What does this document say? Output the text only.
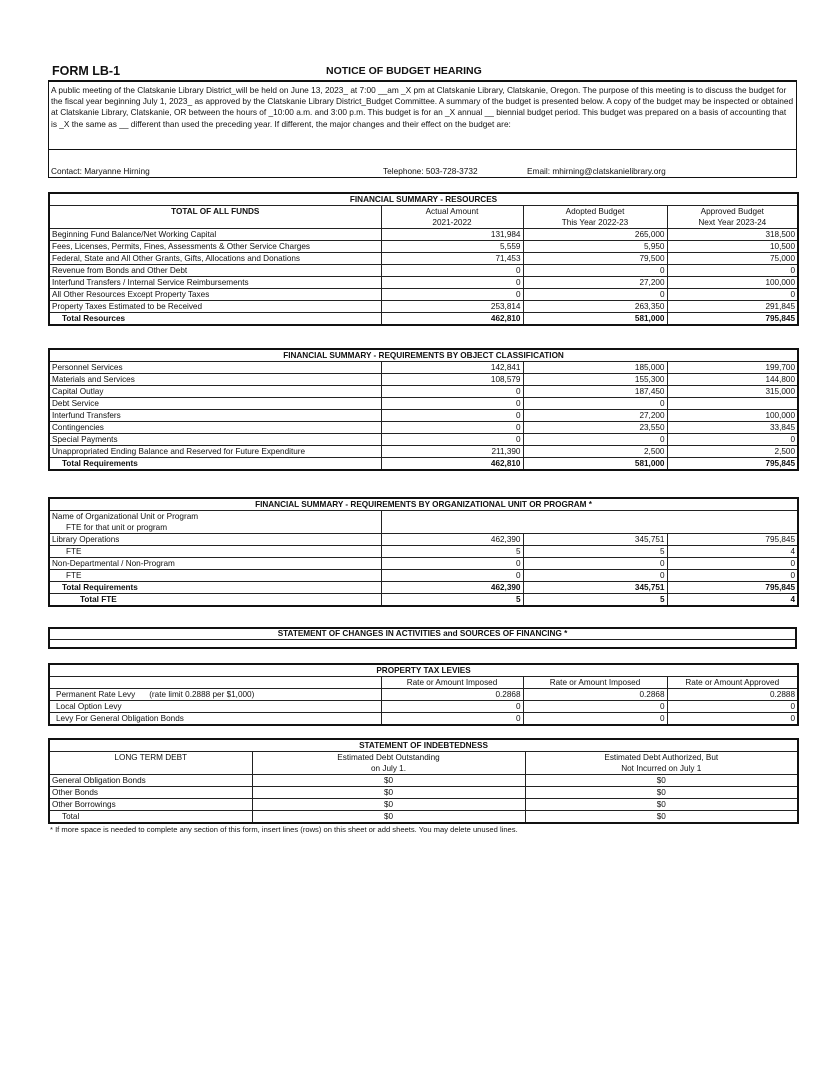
FORM LB-1	NOTICE OF BUDGET HEARING
A public meeting of the Clatskanie Library District_will be held on June 13, 2023_ at 7:00 __am _X pm at Clatskanie Library, Clatskanie, Oregon. The purpose of this meeting is to discuss the budget for the fiscal year beginning July 1, 2023_ as approved by the Clatskanie Library District_Budget Committee. A summary of the budget is presented below. A copy of the budget may be inspected or obtained at Clatskanie Library, Clatskanie, OR between the hours of _10:00 a.m. and 3:00 p.m. This budget is for an _X annual __ biennial budget period. This budget was prepared on a basis of accounting that is _X the same as __ different than used the preceding year. If different, the major changes and their effect on the budget are:
Contact: Maryanne Hirning	Telephone: 503-728-3732	Email: mhirning@clatskanielibrary.org
FINANCIAL SUMMARY - RESOURCES			
TOTAL OF ALL FUNDS	Actual Amount	Adopted Budget	Approved Budget
	2021-2022	This Year 2022-23	Next Year 2023-24
Beginning Fund Balance/Net Working Capital	131,984	265,000	318,500
Fees, Licenses, Permits, Fines, Assessments & Other Service Charges	5,559	5,950	10,500
Federal, State and All Other Grants, Gifts, Allocations and Donations	71,453	79,500	75,000
Revenue from Bonds and Other Debt	0	0	0
Interfund Transfers / Internal Service Reimbursements	0	27,200	100,000
All Other Resources Except Property Taxes	0	0	0
Property Taxes Estimated to be Received	253,814	263,350	291,845
Total Resources	462,810	581,000	795,845
FINANCIAL SUMMARY - REQUIREMENTS BY OBJECT CLASSIFICATION			
Personnel Services	142,841	185,000	199,700
Materials and Services	108,579	155,300	144,800
Capital Outlay	0	187,450	315,000
Debt Service	0	0	
Interfund Transfers	0	27,200	100,000
Contingencies	0	23,550	33,845
Special Payments	0	0	0
Unappropriated Ending Balance and Reserved for Future Expenditure	211,390	2,500	2,500
Total Requirements	462,810	581,000	795,845
FINANCIAL SUMMARY - REQUIREMENTS BY ORGANIZATIONAL UNIT OR PROGRAM *			
Name of Organizational Unit or Program			
FTE for that unit or program			
Library Operations	462,390	345,751	795,845
FTE	5	5	4
Non-Departmental / Non-Program	0	0	0
FTE	0	0	0
Total Requirements	462,390	345,751	795,845
Total FTE	5	5	4
STATEMENT OF CHANGES IN ACTIVITIES and SOURCES OF FINANCING *
PROPERTY TAX LEVIES			
	Rate or Amount Imposed	Rate or Amount Imposed	Rate or Amount Approved
Permanent Rate Levy (rate limit 0.2888 per $1,000)	0.2868	0.2868	0.2888
Local Option Levy	0	0	0
Levy For General Obligation Bonds	0	0	0
STATEMENT OF INDEBTEDNESS		
LONG TERM DEBT	Estimated Debt Outstanding	Estimated Debt Authorized, But
	on July 1.	Not Incurred on July 1
General Obligation Bonds	$0	$0
Other Bonds	$0	$0
Other Borrowings	$0	$0
Total	$0	$0
* If more space is needed to complete any section of this form, insert lines (rows) on this sheet or add sheets. You may delete unused lines.
